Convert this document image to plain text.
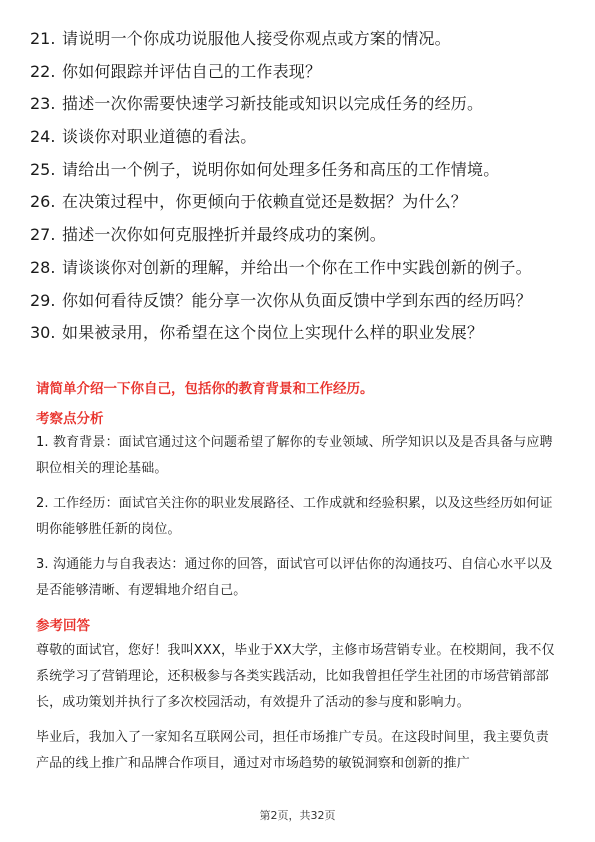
21. 请说明一个你成功说服他人接受你观点或方案的情况。
22. 你如何跟踪并评估自己的工作表现？
23. 描述一次你需要快速学习新技能或知识以完成任务的经历。
24. 谈谈你对职业道德的看法。
25. 请给出一个例子，说明你如何处理多任务和高压的工作情境。
26. 在决策过程中，你更倾向于依赖直觉还是数据？为什么？
27. 描述一次你如何克服挫折并最终成功的案例。
28. 请谈谈你对创新的理解，并给出一个你在工作中实践创新的例子。
29. 你如何看待反馈？能分享一次你从负面反馈中学到东西的经历吗？
30. 如果被录用，你希望在这个岗位上实现什么样的职业发展？
请简单介绍一下你自己，包括你的教育背景和工作经历。
考察点分析

1. 教育背景：面试官通过这个问题希望了解你的专业领域、所学知识以及是否具备与应聘职位相关的理论基础。

2. 工作经历：面试官关注你的职业发展路径、工作成就和经验积累，以及这些经历如何证明你能够胜任新的岗位。

3. 沟通能力与自我表达：通过你的回答，面试官可以评估你的沟通技巧、自信心水平以及是否能够清晰、有逻辑地介绍自己。

参考回答

尊敬的面试官，您好！我叫XXX，毕业于XX大学，主修市场营销专业。在校期间，我不仅系统学习了营销理论，还积极参与各类实践活动，比如我曾担任学生社团的市场营销部部长，成功策划并执行了多次校园活动，有效提升了活动的参与度和影响力。

毕业后，我加入了一家知名互联网公司，担任市场推广专员。在这段时间里，我主要负责产品的线上推广和品牌合作项目，通过对市场趋势的敏锐洞察和创新的推广

第2页，共32页
